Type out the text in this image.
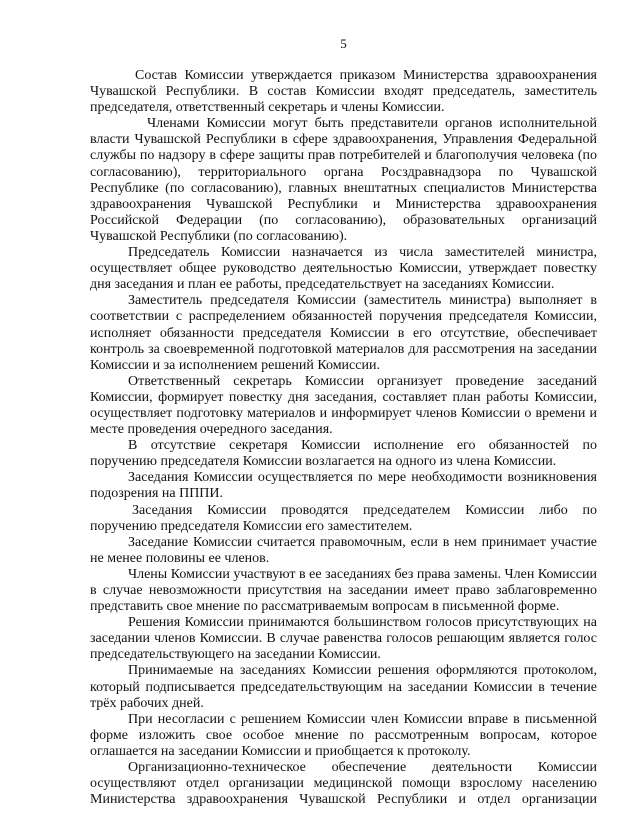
5

Состав Комиссии утверждается приказом Министерства здравоохранения Чувашской Республики. В состав Комиссии входят председатель, заместитель председателя, ответственный секретарь и члены Комиссии.

Членами Комиссии могут быть представители органов исполнительной власти Чувашской Республики в сфере здравоохранения, Управления Федеральной службы по надзору в сфере защиты прав потребителей и благополучия человека (по согласованию), территориального органа Росздравнадзора по Чувашской Республике (по согласованию), главных внештатных специалистов Министерства здравоохранения Чувашской Республики и Министерства здравоохранения Российской Федерации (по согласованию), образовательных организаций Чувашской Республики (по согласованию).

Председатель Комиссии назначается из числа заместителей министра, осуществляет общее руководство деятельностью Комиссии, утверждает повестку дня заседания и план ее работы, председательствует на заседаниях Комиссии.

Заместитель председателя Комиссии (заместитель министра) выполняет в соответствии с распределением обязанностей поручения председателя Комиссии, исполняет обязанности председателя Комиссии в его отсутствие, обеспечивает контроль за своевременной подготовкой материалов для рассмотрения на заседании Комиссии и за исполнением решений Комиссии.

Ответственный секретарь Комиссии организует проведение заседаний Комиссии, формирует повестку дня заседания, составляет план работы Комиссии, осуществляет подготовку материалов и информирует членов Комиссии о времени и месте проведения очередного заседания.

В отсутствие секретаря Комиссии исполнение его обязанностей по поручению председателя Комиссии возлагается на одного из члена Комиссии.

Заседания Комиссии осуществляется по мере необходимости возникновения подозрения на ПППИ.

Заседания Комиссии проводятся председателем Комиссии либо по поручению председателя Комиссии его заместителем.

Заседание Комиссии считается правомочным, если в нем принимает участие не менее половины ее членов.

Члены Комиссии участвуют в ее заседаниях без права замены. Член Комиссии в случае невозможности присутствия на заседании имеет право заблаговременно представить свое мнение по рассматриваемым вопросам в письменной форме.

Решения Комиссии принимаются большинством голосов присутствующих на заседании членов Комиссии. В случае равенства голосов решающим является голос председательствующего на заседании Комиссии.

Принимаемые на заседаниях Комиссии решения оформляются протоколом, который подписывается председательствующим на заседании Комиссии в течение трёх рабочих дней.

При несогласии с решением Комиссии член Комиссии вправе в письменной форме изложить свое особое мнение по рассмотренным вопросам, которое оглашается на заседании Комиссии и приобщается к протоколу.

Организационно-техническое обеспечение деятельности Комиссии осуществляют отдел организации медицинской помощи взрослому населению Министерства здравоохранения Чувашской Республики и отдел организации
